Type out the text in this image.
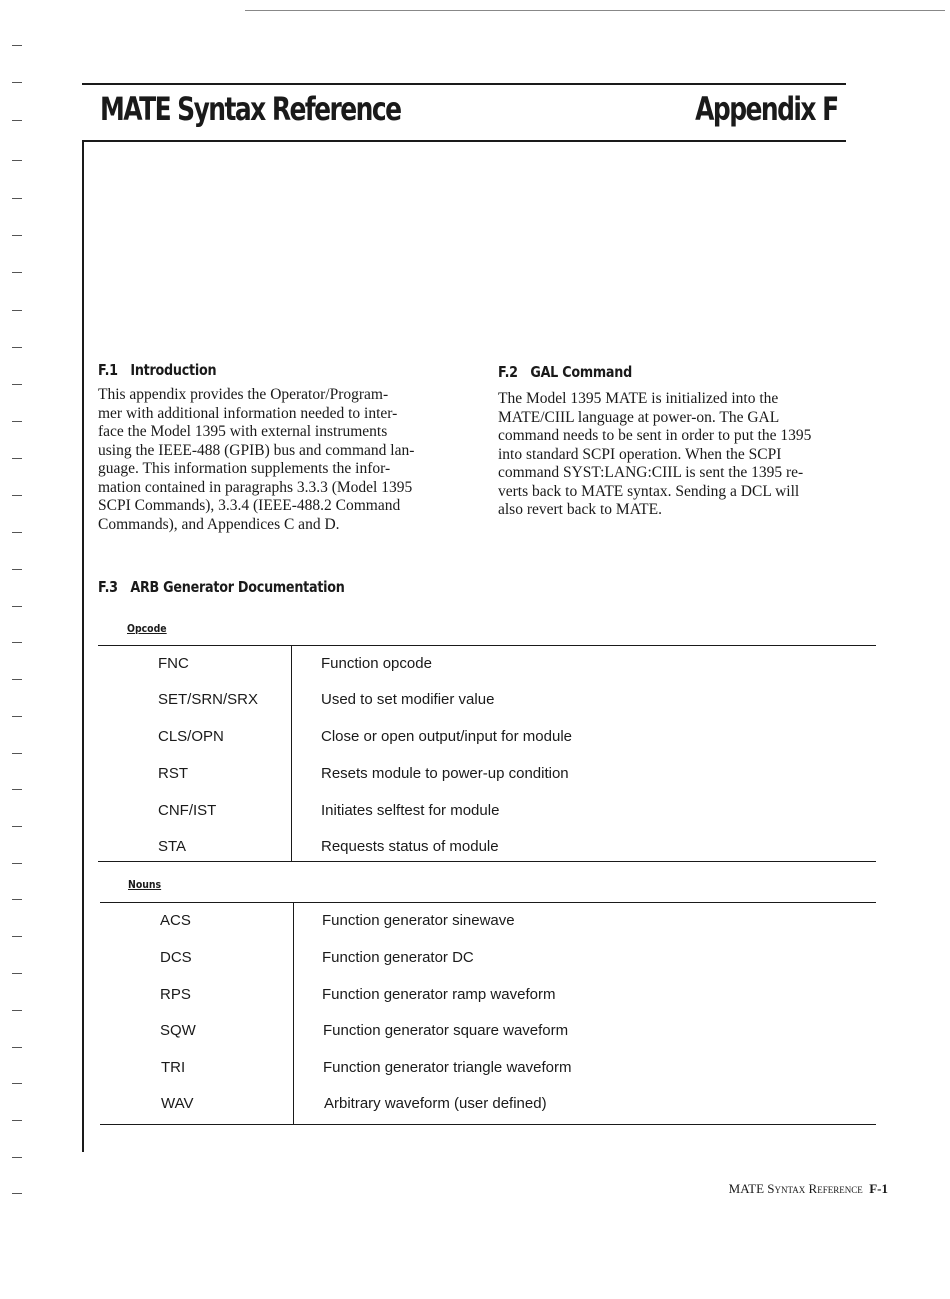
MATE Syntax Reference	Appendix F
F.1 Introduction
This appendix provides the Operator/Program-
mer with additional information needed to inter-
face the Model 1395 with external instruments
using the IEEE-488 (GPIB) bus and command lan-
guage. This information supplements the infor-
mation contained in paragraphs 3.3.3 (Model 1395
SCPI Commands), 3.3.4 (IEEE-488.2 Command
Commands), and Appendices C and D.
F.2 GAL Command
The Model 1395 MATE is initialized into the
MATE/CIIL language at power-on. The GAL
command needs to be sent in order to put the 1395
into standard SCPI operation. When the SCPI
command SYST:LANG:CIIL is sent the 1395 re-
verts back to MATE syntax. Sending a DCL will
also revert back to MATE.
F.3 ARB Generator Documentation
Opcode
FNC	Function opcode
SET/SRN/SRX	Used to set modifier value
CLS/OPN	Close or open output/input for module
RST	Resets module to power-up condition
CNF/IST	Initiates selftest for module
STA	Requests status of module
Nouns
ACS	Function generator sinewave
DCS	Function generator DC
RPS	Function generator ramp waveform
SQW	Function generator square waveform
TRI	Function generator triangle waveform
WAV	Arbitrary waveform (user defined)
MATE Syntax Reference F-1
